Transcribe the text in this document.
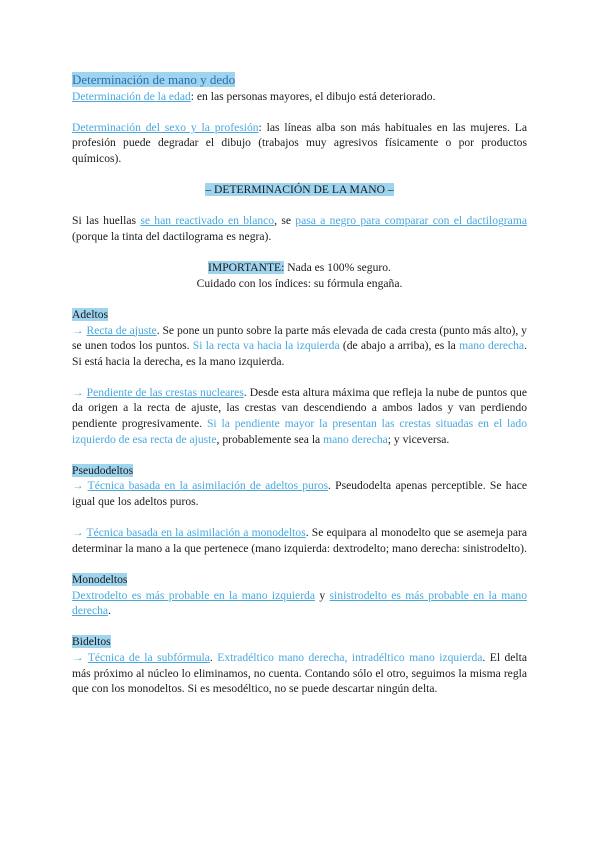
Determinación de mano y dedo

Determinación de la edad: en las personas mayores, el dibujo está deteriorado.

Determinación del sexo y la profesión: las líneas alba son más habituales en las mujeres. La profesión puede degradar el dibujo (trabajos muy agresivos físicamente o por productos químicos).

– DETERMINACIÓN DE LA MANO –

Si las huellas se han reactivado en blanco, se pasa a negro para comparar con el dactilograma (porque la tinta del dactilograma es negra).

IMPORTANTE: Nada es 100% seguro.

Cuidado con los índices: su fórmula engaña.

Adeltos

→ Recta de ajuste. Se pone un punto sobre la parte más elevada de cada cresta (punto más alto), y se unen todos los puntos. Si la recta va hacia la izquierda (de abajo a arriba), es la mano derecha. Si está hacia la derecha, es la mano izquierda.

→ Pendiente de las crestas nucleares. Desde esta altura máxima que refleja la nube de puntos que da origen a la recta de ajuste, las crestas van descendiendo a ambos lados y van perdiendo pendiente progresivamente. Si la pendiente mayor la presentan las crestas situadas en el lado izquierdo de esa recta de ajuste, probablemente sea la mano derecha; y viceversa.

Pseudodeltos

→ Técnica basada en la asimilación de adeltos puros. Pseudodelta apenas perceptible. Se hace igual que los adeltos puros.

→ Técnica basada en la asimilación a monodeltos. Se equipara al monodelto que se asemeja para determinar la mano a la que pertenece (mano izquierda: dextrodelto; mano derecha: sinistrodelto).

Monodeltos

Dextrodelto es más probable en la mano izquierda y sinistrodelto es más probable en la mano derecha.

Bideltos

→ Técnica de la subfórmula. Extradéltico mano derecha, intradéltico mano izquierda. El delta más próximo al núcleo lo eliminamos, no cuenta. Contando sólo el otro, seguimos la misma regla que con los monodeltos. Si es mesodéltico, no se puede descartar ningún delta.
